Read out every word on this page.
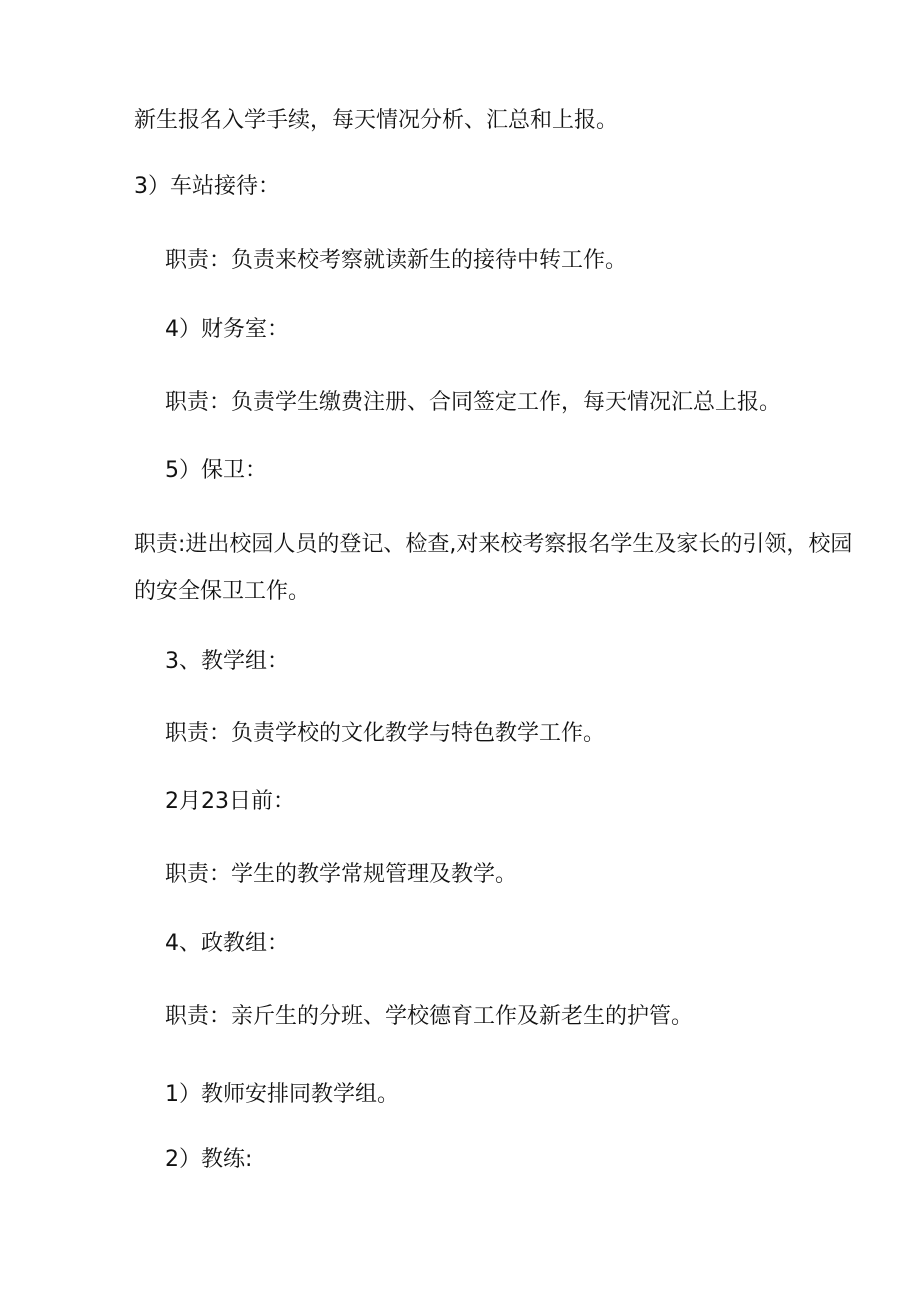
新生报名入学手续，每天情况分析、汇总和上报。
3）车站接待：
职责：负责来校考察就读新生的接待中转工作。
4）财务室：
职责：负责学生缴费注册、合同签定工作，每天情况汇总上报。
5）保卫：
职责:进出校园人员的登记、检查,对来校考察报名学生及家长的引领，校园
的安全保卫工作。
3、教学组：
职责：负责学校的文化教学与特色教学工作。
2月23日前：
职责：学生的教学常规管理及教学。
4、政教组：
职责：亲斤生的分班、学校德育工作及新老生的护管。
1）教师安排同教学组。
2）教练:
